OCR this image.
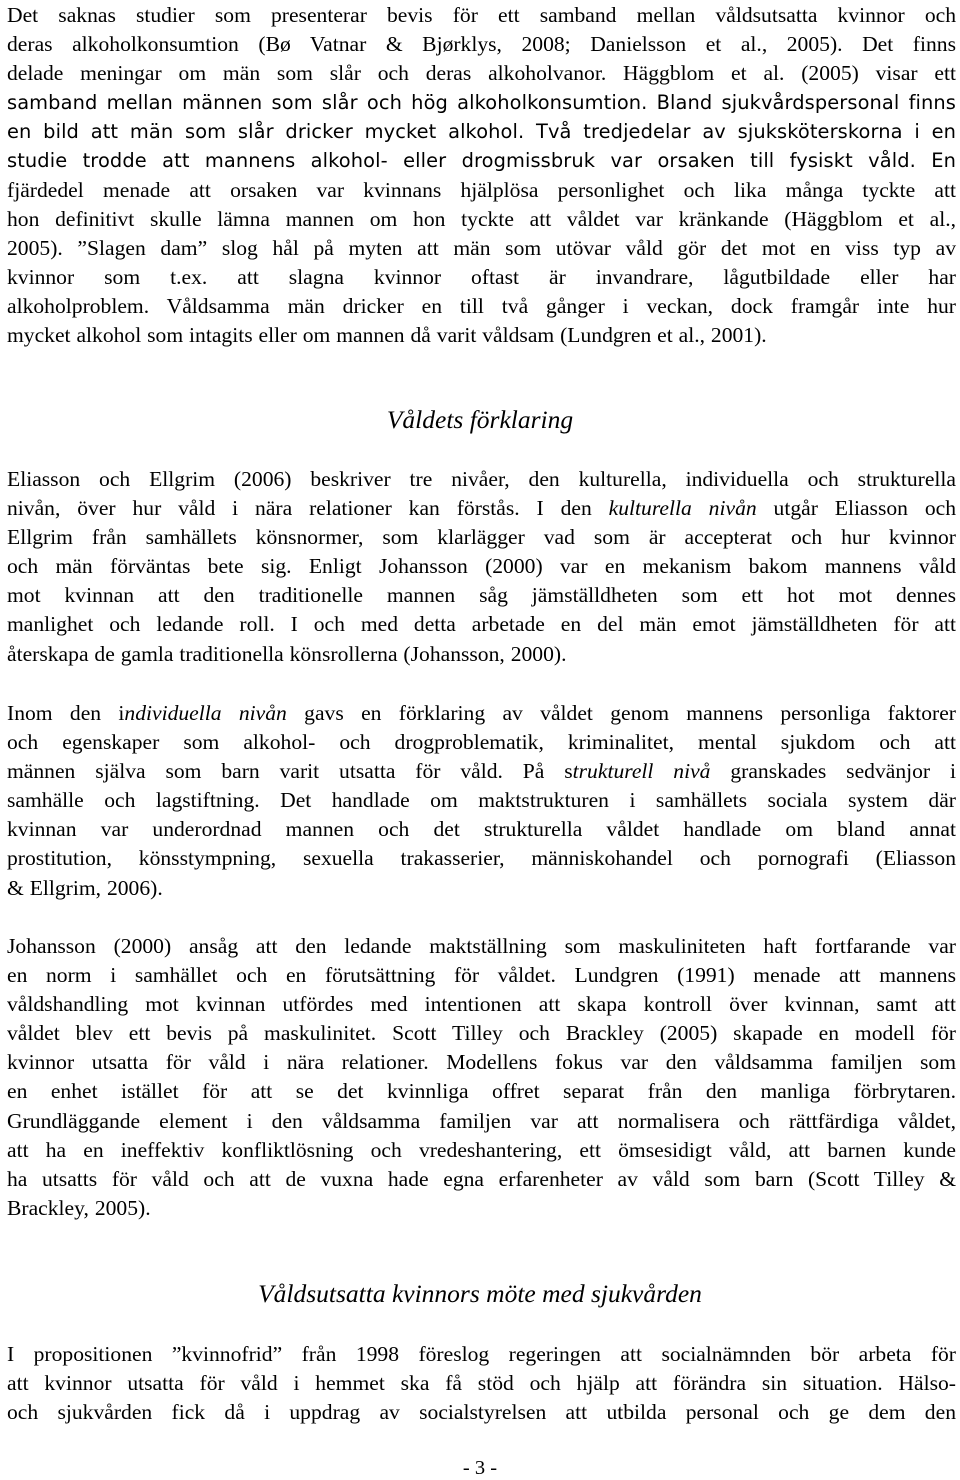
Det saknas studier som presenterar bevis för ett samband mellan våldsutsatta kvinnor och
deras alkoholkonsumtion (Bø Vatnar & Bjørklys, 2008; Danielsson et al., 2005). Det finns
delade meningar om män som slår och deras alkoholvanor. Häggblom et al. (2005) visar ett
samband mellan männen som slår och hög alkoholkonsumtion. Bland sjukvårdspersonal finns
en bild att män som slår dricker mycket alkohol. Två tredjedelar av sjuksköterskorna i en
studie trodde att mannens alkohol- eller drogmissbruk var orsaken till fysiskt våld. En
fjärdedel menade att orsaken var kvinnans hjälplösa personlighet och lika många tyckte att
hon definitivt skulle lämna mannen om hon tyckte att våldet var kränkande (Häggblom et al.,
2005). ”Slagen dam” slog hål på myten att män som utövar våld gör det mot en viss typ av
kvinnor som t.ex. att slagna kvinnor oftast är invandrare, lågutbildade eller har
alkoholproblem. Våldsamma män dricker en till två gånger i veckan, dock framgår inte hur
mycket alkohol som intagits eller om mannen då varit våldsam (Lundgren et al., 2001).
Våldets förklaring
Eliasson och Ellgrim (2006) beskriver tre nivåer, den kulturella, individuella och strukturella
nivån, över hur våld i nära relationer kan förstås. I den kulturella nivån utgår Eliasson och
Ellgrim från samhällets könsnormer, som klarlägger vad som är accepterat och hur kvinnor
och män förväntas bete sig. Enligt Johansson (2000) var en mekanism bakom mannens våld
mot kvinnan att den traditionelle mannen såg jämställdheten som ett hot mot dennes
manlighet och ledande roll. I och med detta arbetade en del män emot jämställdheten för att
återskapa de gamla traditionella könsrollerna (Johansson, 2000).
Inom den individuella nivån gavs en förklaring av våldet genom mannens personliga faktorer
och egenskaper som alkohol- och drogproblematik, kriminalitet, mental sjukdom och att
männen själva som barn varit utsatta för våld. På strukturell nivå granskades sedvänjor i
samhälle och lagstiftning. Det handlade om maktstrukturen i samhällets sociala system där
kvinnan var underordnad mannen och det strukturella våldet handlade om bland annat
prostitution, könsstympning, sexuella trakasserier, människohandel och pornografi (Eliasson
& Ellgrim, 2006).
Johansson (2000) ansåg att den ledande maktställning som maskuliniteten haft fortfarande var
en norm i samhället och en förutsättning för våldet. Lundgren (1991) menade att mannens
våldshandling mot kvinnan utfördes med intentionen att skapa kontroll över kvinnan, samt att
våldet blev ett bevis på maskulinitet. Scott Tilley och Brackley (2005) skapade en modell för
kvinnor utsatta för våld i nära relationer. Modellens fokus var den våldsamma familjen som
en enhet istället för att se det kvinnliga offret separat från den manliga förbrytaren.
Grundläggande element i den våldsamma familjen var att normalisera och rättfärdiga våldet,
att ha en ineffektiv konfliktlösning och vredeshantering, ett ömsesidigt våld, att barnen kunde
ha utsatts för våld och att de vuxna hade egna erfarenheter av våld som barn (Scott Tilley &
Brackley, 2005).
Våldsutsatta kvinnors möte med sjukvården
I propositionen ”kvinnofrid” från 1998 föreslog regeringen att socialnämnden bör arbeta för
att kvinnor utsatta för våld i hemmet ska få stöd och hjälp att förändra sin situation. Hälso-
och sjukvården fick då i uppdrag av socialstyrelsen att utbilda personal och ge dem den
- 3 -
